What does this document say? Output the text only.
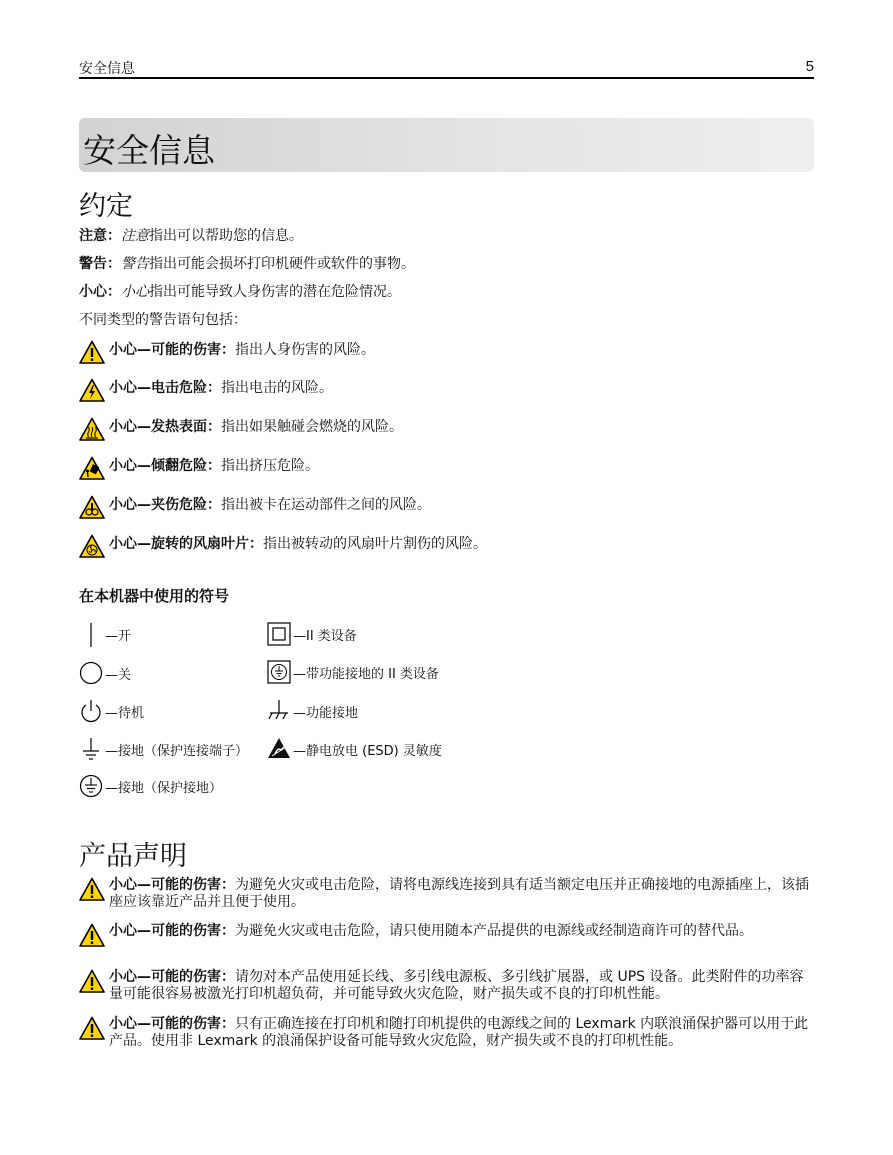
安全信息	5
安全信息
约定
注意：注意指出可以帮助您的信息。
警告：警告指出可能会损坏打印机硬件或软件的事物。
小心：小心指出可能导致人身伤害的潜在危险情况。
不同类型的警告语句包括：
小心—可能的伤害：指出人身伤害的风险。
小心—电击危险：指出电击的风险。
小心—发热表面：指出如果触碰会燃烧的风险。
小心—倾翻危险：指出挤压危险。
小心—夹伤危险：指出被卡在运动部件之间的风险。
小心—旋转的风扇叶片：指出被转动的风扇叶片割伤的风险。
在本机器中使用的符号
—开
—关
—待机
—接地（保护连接端子）
—接地（保护接地）
—II 类设备
—带功能接地的 II 类设备
—功能接地
—静电放电 (ESD) 灵敏度
产品声明
小心—可能的伤害：为避免火灾或电击危险，请将电源线连接到具有适当额定电压并正确接地的电源插座上，该插座应该靠近产品并且便于使用。
小心—可能的伤害：为避免火灾或电击危险，请只使用随本产品提供的电源线或经制造商许可的替代品。
小心—可能的伤害：请勿对本产品使用延长线、多引线电源板、多引线扩展器，或 UPS 设备。此类附件的功率容量可能很容易被激光打印机超负荷，并可能导致火灾危险，财产损失或不良的打印机性能。
小心—可能的伤害：只有正确连接在打印机和随打印机提供的电源线之间的 Lexmark 内联浪涌保护器可以用于此产品。使用非 Lexmark 的浪涌保护设备可能导致火灾危险，财产损失或不良的打印机性能。
